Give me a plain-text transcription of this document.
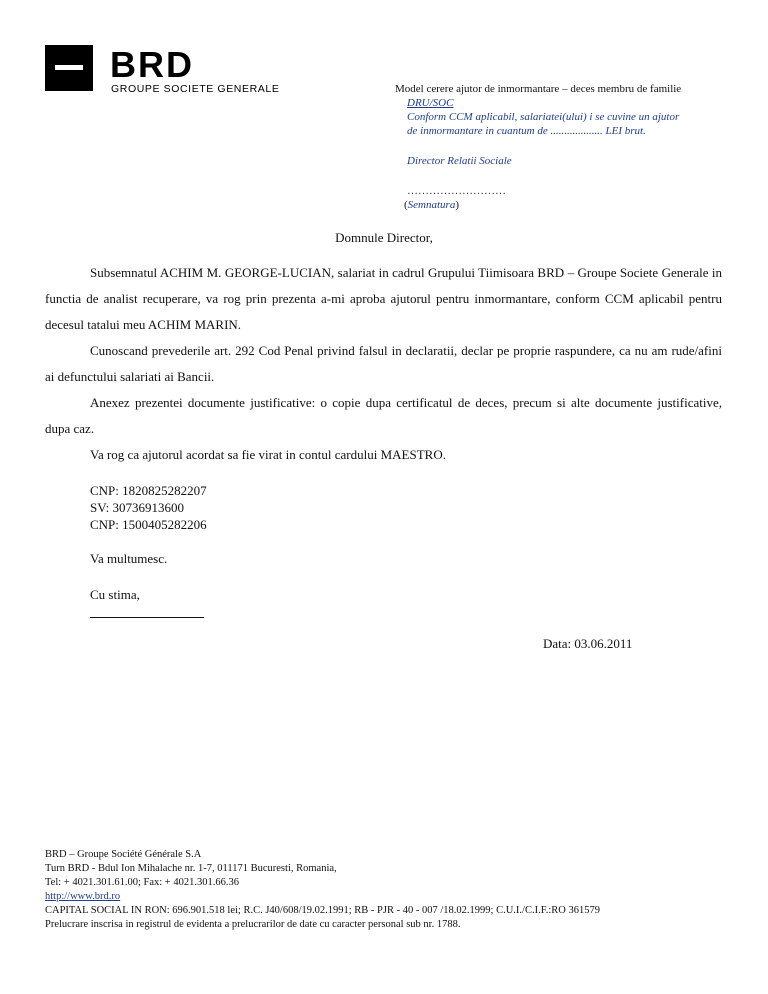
BRD
GROUPE SOCIETE GENERALE	Model cerere ajutor de inmormantare – deces membru de familie
DRU/SOC
Conform CCM aplicabil, salariatei(ului) i se cuvine un ajutor
de inmormantare in cuantum de ................... LEI brut.
Director Relatii Sociale
………………………
(Semnatura)
Domnule Director,

Subsemnatul ACHIM M. GEORGE-LUCIAN, salariat in cadrul Grupului Tiimisoara BRD – Groupe Societe Generale in functia de analist recuperare, va rog prin prezenta a-mi aproba ajutorul pentru inmormantare, conform CCM aplicabil pentru decesul tatalui meu ACHIM MARIN.

Cunoscand prevederile art. 292 Cod Penal privind falsul in declaratii, declar pe proprie raspundere, ca nu am rude/afini ai defunctului salariati ai Bancii.

Anexez prezentei documente justificative: o copie dupa certificatul de deces, precum si alte documente justificative, dupa caz.

Va rog ca ajutorul acordat sa fie virat in contul cardului MAESTRO.

CNP: 1820825282207
SV: 30736913600
CNP: 1500405282206
Va multumesc.
Cu stima,
Data: 03.06.2011
BRD – Groupe Société Générale S.A
Turn BRD - Bdul Ion Mihalache nr. 1-7, 011171 Bucuresti, Romania,
Tel: + 4021.301.61.00; Fax: + 4021.301.66.36
http://www.brd.ro
CAPITAL SOCIAL IN RON: 696.901.518 lei; R.C. J40/608/19.02.1991; RB - PJR - 40 - 007 /18.02.1999; C.U.I./C.I.F.:RO 361579
Prelucrare inscrisa in registrul de evidenta a prelucrarilor de date cu caracter personal sub nr. 1788.
